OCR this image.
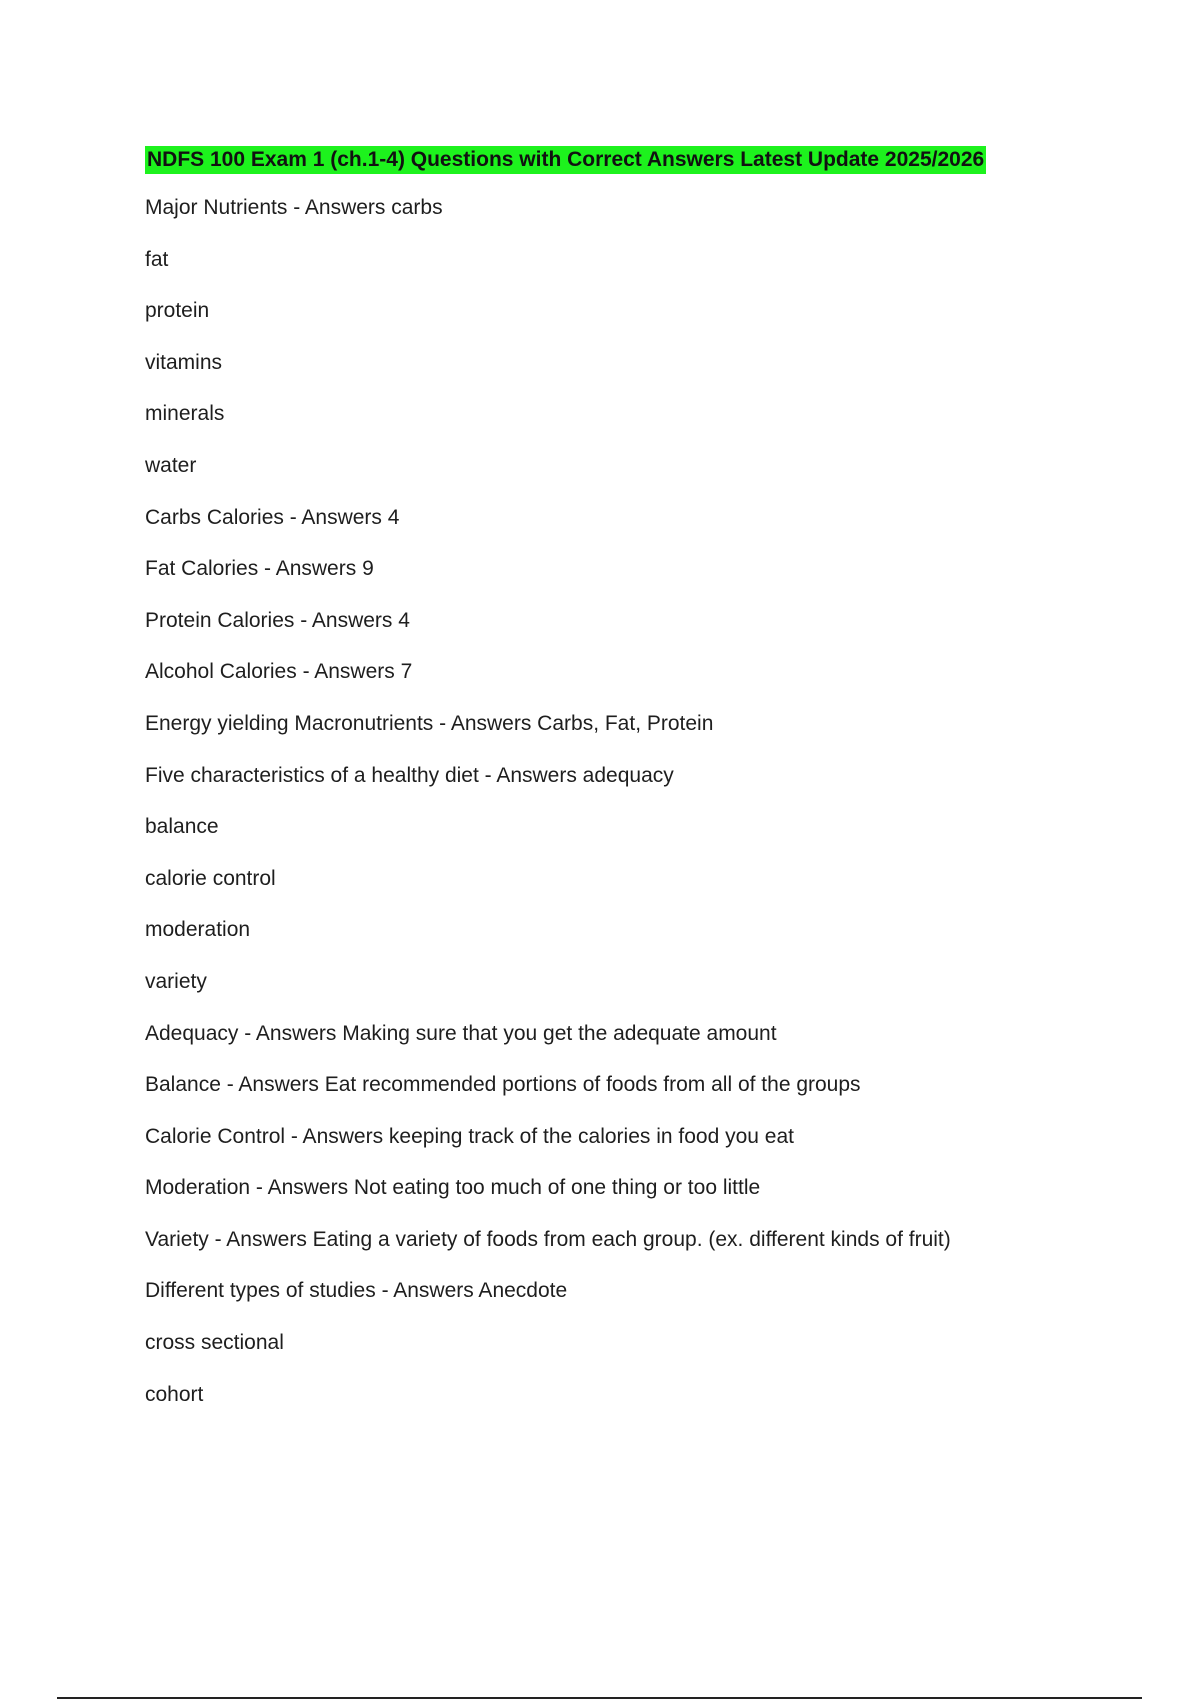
NDFS 100 Exam 1 (ch.1-4) Questions with Correct Answers Latest Update 2025/2026
Major Nutrients - Answers carbs
fat
protein
vitamins
minerals
water
Carbs Calories - Answers 4
Fat Calories - Answers 9
Protein Calories - Answers 4
Alcohol Calories - Answers 7
Energy yielding Macronutrients - Answers Carbs, Fat, Protein
Five characteristics of a healthy diet - Answers adequacy
balance
calorie control
moderation
variety
Adequacy - Answers Making sure that you get the adequate amount
Balance - Answers Eat recommended portions of foods from all of the groups
Calorie Control - Answers keeping track of the calories in food you eat
Moderation - Answers Not eating too much of one thing or too little
Variety - Answers Eating a variety of foods from each group. (ex. different kinds of fruit)
Different types of studies - Answers Anecdote
cross sectional
cohort
